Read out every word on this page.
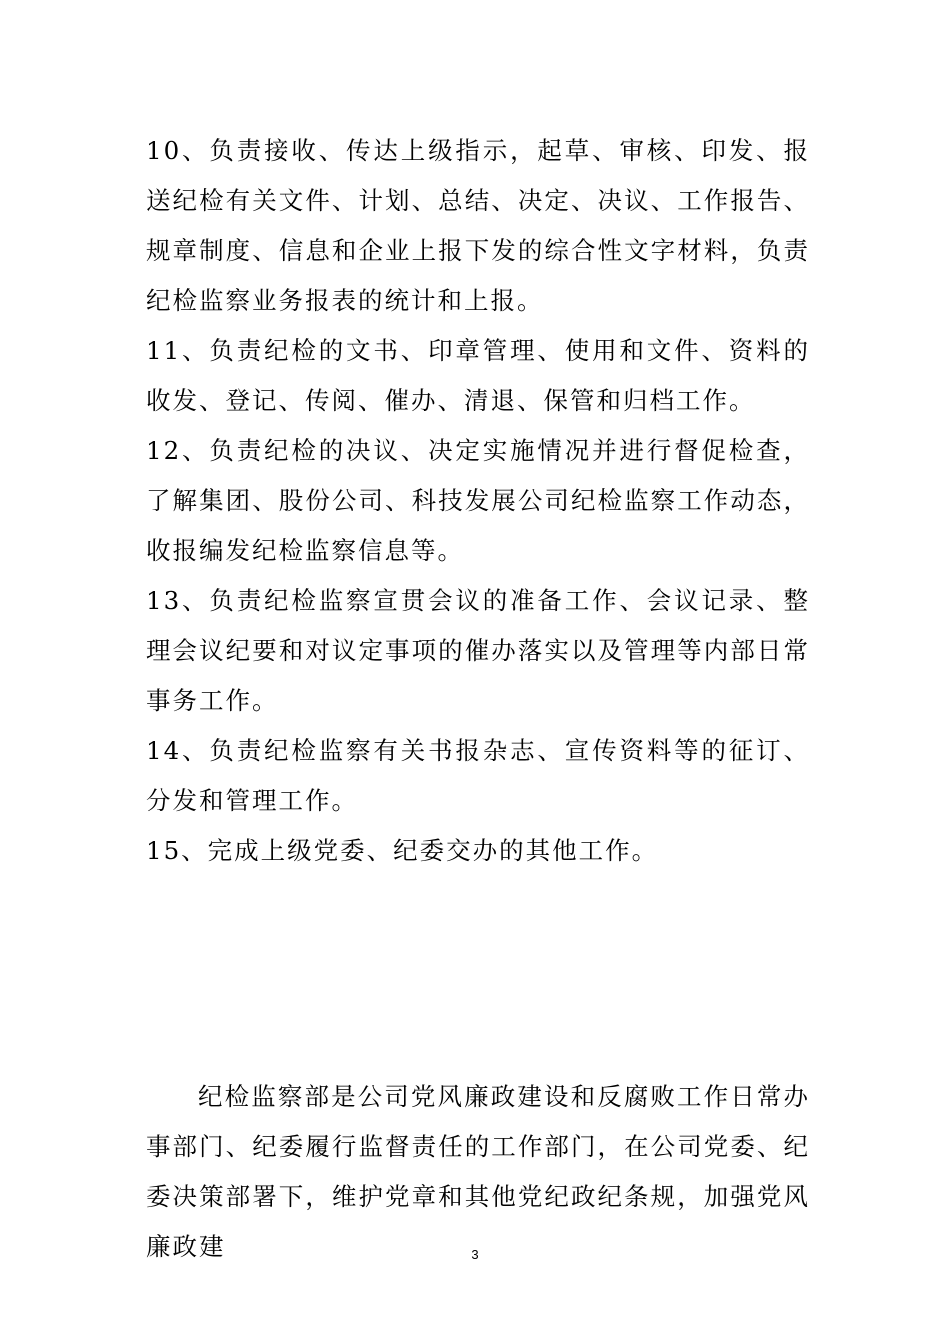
10、负责接收、传达上级指示，起草、审核、印发、报送纪检有关文件、计划、总结、决定、决议、工作报告、规章制度、信息和企业上报下发的综合性文字材料，负责纪检监察业务报表的统计和上报。

11、负责纪检的文书、印章管理、使用和文件、资料的收发、登记、传阅、催办、清退、保管和归档工作。

12、负责纪检的决议、决定实施情况并进行督促检查，了解集团、股份公司、科技发展公司纪检监察工作动态，收报编发纪检监察信息等。

13、负责纪检监察宣贯会议的准备工作、会议记录、整理会议纪要和对议定事项的催办落实以及管理等内部日常事务工作。

14、负责纪检监察有关书报杂志、宣传资料等的征订、分发和管理工作。

15、完成上级党委、纪委交办的其他工作。

纪检监察部是公司党风廉政建设和反腐败工作日常办事部门、纪委履行监督责任的工作部门，在公司党委、纪委决策部署下，维护党章和其他党纪政纪条规，加强党风廉政建	3
